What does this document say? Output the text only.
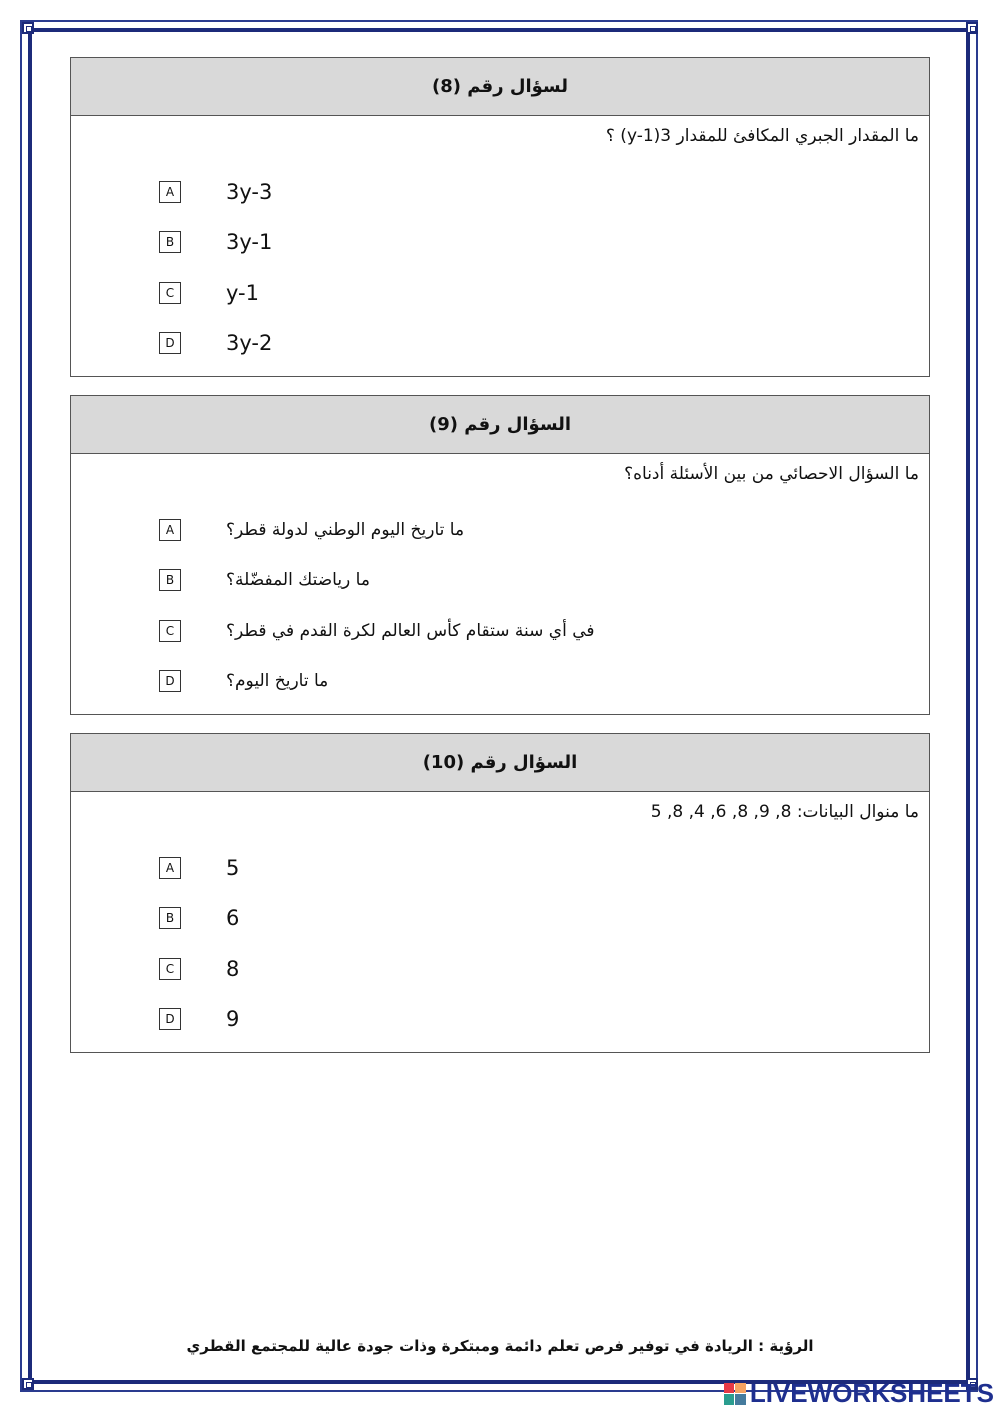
لسؤال رقم (8)
ما المقدار الجبري المكافئ للمقدار 3(y-1) ؟
A	3y-3
B	3y-1
C	y-1
D	3y-2
السؤال رقم (9)
ما السؤال الاحصائي من بين الأسئلة أدناه؟
A	ما تاريخ اليوم الوطني لدولة قطر؟
B	ما رياضتك المفضّلة؟
C	في أي سنة ستقام كأس العالم لكرة القدم في قطر؟
D	ما تاريخ اليوم؟
السؤال رقم (10)
ما منوال البيانات: 8, 9, 8, 6, 4, 8, 5
A	5
B	6
C	8
D	9
الرؤية : الريادة في توفير فرص تعلم دائمة ومبتكرة وذات جودة عالية للمجتمع القطري
LIVEWORKSHEETS
